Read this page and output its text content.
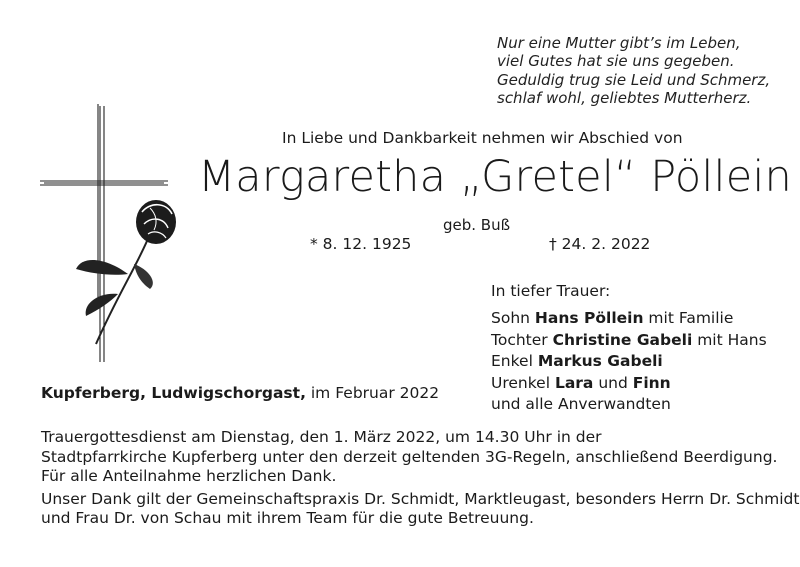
Nur eine Mutter gibt’s im Leben,
viel Gutes hat sie uns gegeben.
Geduldig trug sie Leid und Schmerz,
schlaf wohl, geliebtes Mutterherz.
In Liebe und Dankbarkeit nehmen wir Abschied von
Margaretha „Gretel“ Pöllein
geb. Buß
* 8. 12. 1925	† 24. 2. 2022
In tiefer Trauer:
Sohn Hans Pöllein mit Familie
Tochter Christine Gabeli mit Hans
Enkel Markus Gabeli
Urenkel Lara und Finn
und alle Anverwandten
Kupferberg, Ludwigschorgast, im Februar 2022
Trauergottesdienst am Dienstag, den 1. März 2022, um 14.30 Uhr in der
Stadtpfarrkirche Kupferberg unter den derzeit geltenden 3G-Regeln, anschließend Beerdigung.
Für alle Anteilnahme herzlichen Dank.
Unser Dank gilt der Gemeinschaftspraxis Dr. Schmidt, Marktleugast, besonders Herrn Dr. Schmidt
und Frau Dr. von Schau mit ihrem Team für die gute Betreuung.
